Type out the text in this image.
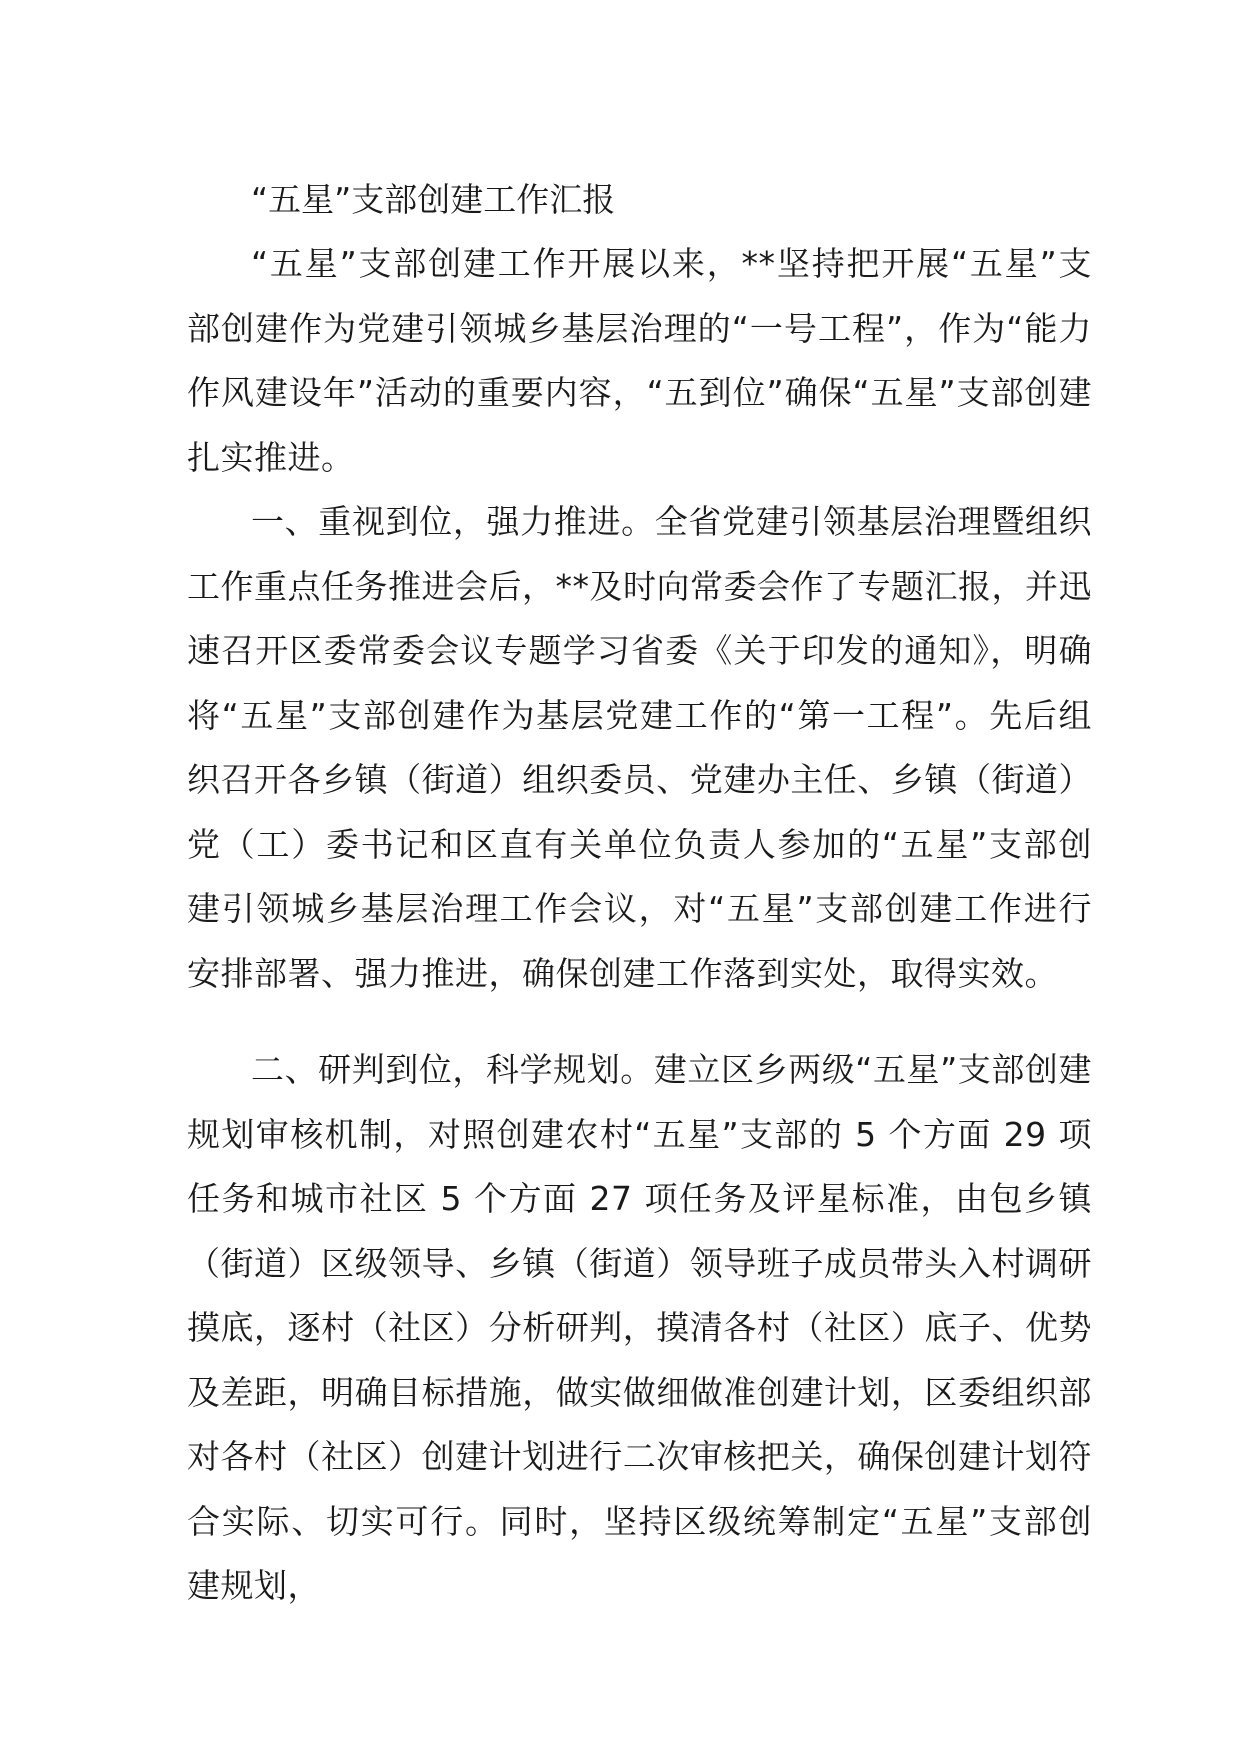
“五星”支部创建工作汇报

“五星”支部创建工作开展以来，**坚持把开展“五星”支部创建作为党建引领城乡基层治理的“一号工程”，作为“能力作风建设年”活动的重要内容，“五到位”确保“五星”支部创建扎实推进。

一、重视到位，强力推进。全省党建引领基层治理暨组织工作重点任务推进会后，**及时向常委会作了专题汇报，并迅速召开区委常委会议专题学习省委《关于印发的通知》，明确将“五星”支部创建作为基层党建工作的“第一工程”。先后组织召开各乡镇（街道）组织委员、党建办主任、乡镇（街道）党（工）委书记和区直有关单位负责人参加的“五星”支部创建引领城乡基层治理工作会议，对“五星”支部创建工作进行安排部署、强力推进，确保创建工作落到实处，取得实效。

二、研判到位，科学规划。建立区乡两级“五星”支部创建规划审核机制，对照创建农村“五星”支部的 5 个方面 29 项任务和城市社区 5 个方面 27 项任务及评星标准，由包乡镇（街道）区级领导、乡镇（街道）领导班子成员带头入村调研摸底，逐村（社区）分析研判，摸清各村（社区）底子、优势及差距，明确目标措施，做实做细做准创建计划，区委组织部对各村（社区）创建计划进行二次审核把关，确保创建计划符合实际、切实可行。同时，坚持区级统筹制定“五星”支部创建规划，
